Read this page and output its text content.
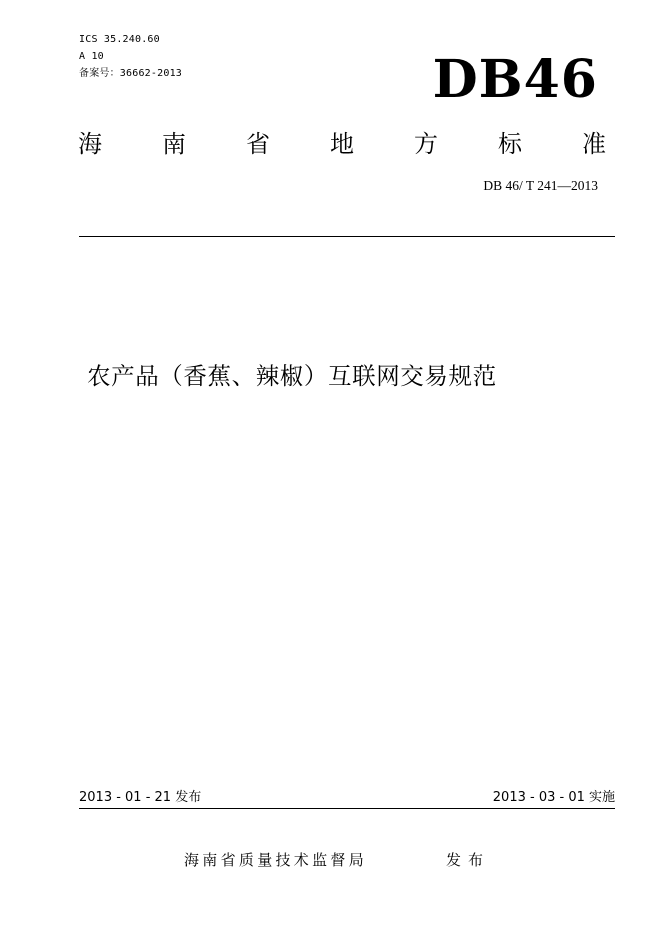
ICS 35.240.60
A 10
备案号：36662-2013	DB46
海	南	省	地	方	标	准
DB 46/ T 241—2013
农产品（香蕉、辣椒）互联网交易规范
2013 - 01 - 21 发布	2013 - 03 - 01 实施
海南省质量技术监督局	发布
